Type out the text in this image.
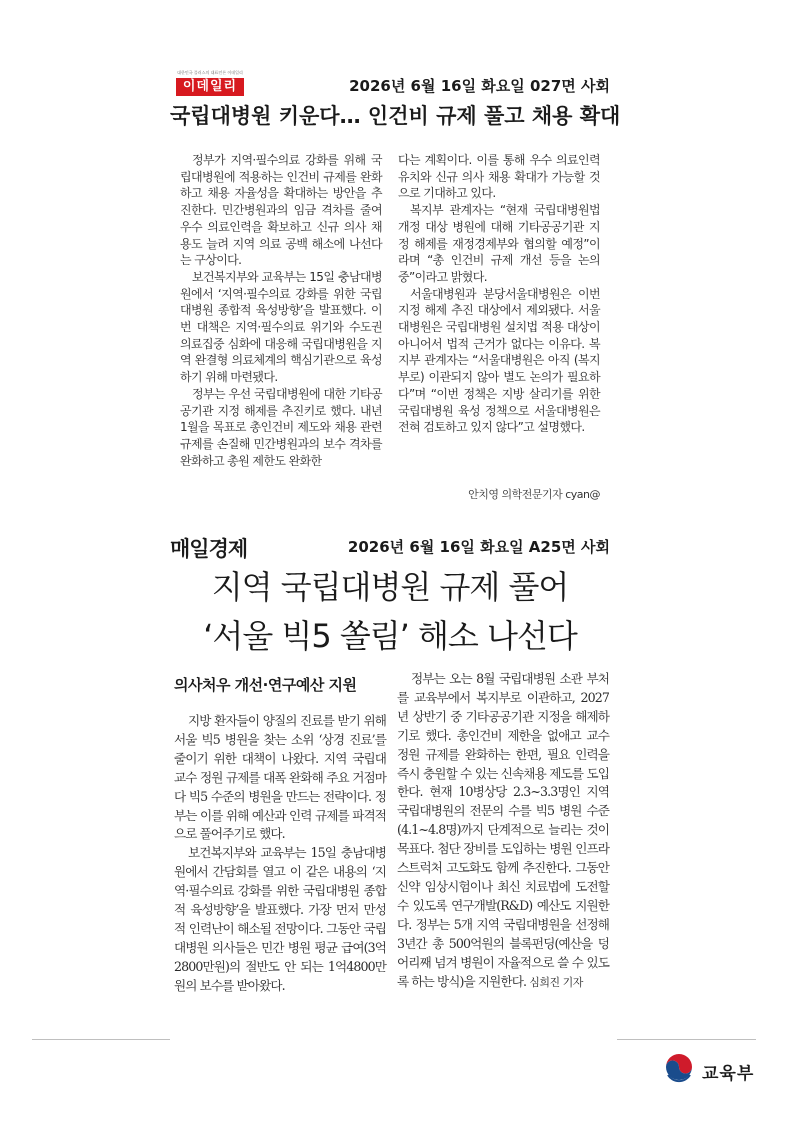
대한민국 플러스의 대표언론 이데일리
이데일리	2026년 6월 16일 화요일 027면 사회
국립대병원 키운다… 인건비 규제 풀고 채용 확대

정부가 지역·필수의료 강화를 위해 국립대병원에 적용하는 인건비 규제를 완화하고 채용 자율성을 확대하는 방안을 추진한다. 민간병원과의 임금 격차를 줄여 우수 의료인력을 확보하고 신규 의사 채용도 늘려 지역 의료 공백 해소에 나선다는 구상이다.

보건복지부와 교육부는 15일 충남대병원에서 ‘지역·필수의료 강화를 위한 국립대병원 종합적 육성방향’을 발표했다. 이번 대책은 지역·필수의료 위기와 수도권 의료집중 심화에 대응해 국립대병원을 지역 완결형 의료체계의 핵심기관으로 육성하기 위해 마련됐다.

정부는 우선 국립대병원에 대한 기타공공기관 지정 해제를 추진키로 했다. 내년 1월을 목표로 총인건비 제도와 채용 관련 규제를 손질해 민간병원과의 보수 격차를 완화하고 총원 제한도 완화한

다는 계획이다. 이를 통해 우수 의료인력 유치와 신규 의사 채용 확대가 가능할 것으로 기대하고 있다.

복지부 관계자는 “현재 국립대병원법 개정 대상 병원에 대해 기타공공기관 지정 해제를 재정경제부와 협의할 예정”이라며 “총 인건비 규제 개선 등을 논의 중”이라고 밝혔다.

서울대병원과 분당서울대병원은 이번 지정 해제 추진 대상에서 제외됐다. 서울대병원은 국립대병원 설치법 적용 대상이 아니어서 법적 근거가 없다는 이유다. 복지부 관계자는 “서울대병원은 아직 (복지부로) 이관되지 않아 별도 논의가 필요하다”며 “이번 정책은 지방 살리기를 위한 국립대병원 육성 정책으로 서울대병원은 전혀 검토하고 있지 않다”고 설명했다.

안치영 의학전문기자 cyan@
매일경제	2026년 6월 16일 화요일 A25면 사회
지역 국립대병원 규제 풀어
‘서울 빅5 쏠림’ 해소 나선다
의사처우 개선·연구예산 지원

지방 환자들이 양질의 진료를 받기 위해 서울 빅5 병원을 찾는 소위 ‘상경 진료’를 줄이기 위한 대책이 나왔다. 지역 국립대 교수 정원 규제를 대폭 완화해 주요 거점마다 빅5 수준의 병원을 만드는 전략이다. 정부는 이를 위해 예산과 인력 규제를 파격적으로 풀어주기로 했다.

보건복지부와 교육부는 15일 충남대병원에서 간담회를 열고 이 같은 내용의 ‘지역·필수의료 강화를 위한 국립대병원 종합적 육성방향’을 발표했다. 가장 먼저 만성적 인력난이 해소될 전망이다. 그동안 국립대병원 의사들은 민간 병원 평균 급여(3억2800만원)의 절반도 안 되는 1억4800만원의 보수를 받아왔다.

정부는 오는 8월 국립대병원 소관 부처를 교육부에서 복지부로 이관하고, 2027년 상반기 중 기타공공기관 지정을 해제하기로 했다. 총인건비 제한을 없애고 교수 정원 규제를 완화하는 한편, 필요 인력을 즉시 충원할 수 있는 신속채용 제도를 도입한다. 현재 10병상당 2.3~3.3명인 지역 국립대병원의 전문의 수를 빅5 병원 수준(4.1~4.8명)까지 단계적으로 늘리는 것이 목표다. 첨단 장비를 도입하는 병원 인프라스트럭처 고도화도 함께 추진한다. 그동안 신약 임상시험이나 최신 치료법에 도전할 수 있도록 연구개발(R&D) 예산도 지원한다. 정부는 5개 지역 국립대병원을 선정해 3년간 총 500억원의 블록펀딩(예산을 덩어리째 넘겨 병원이 자율적으로 쓸 수 있도록 하는 방식)을 지원한다. 심희진 기자

교육부
